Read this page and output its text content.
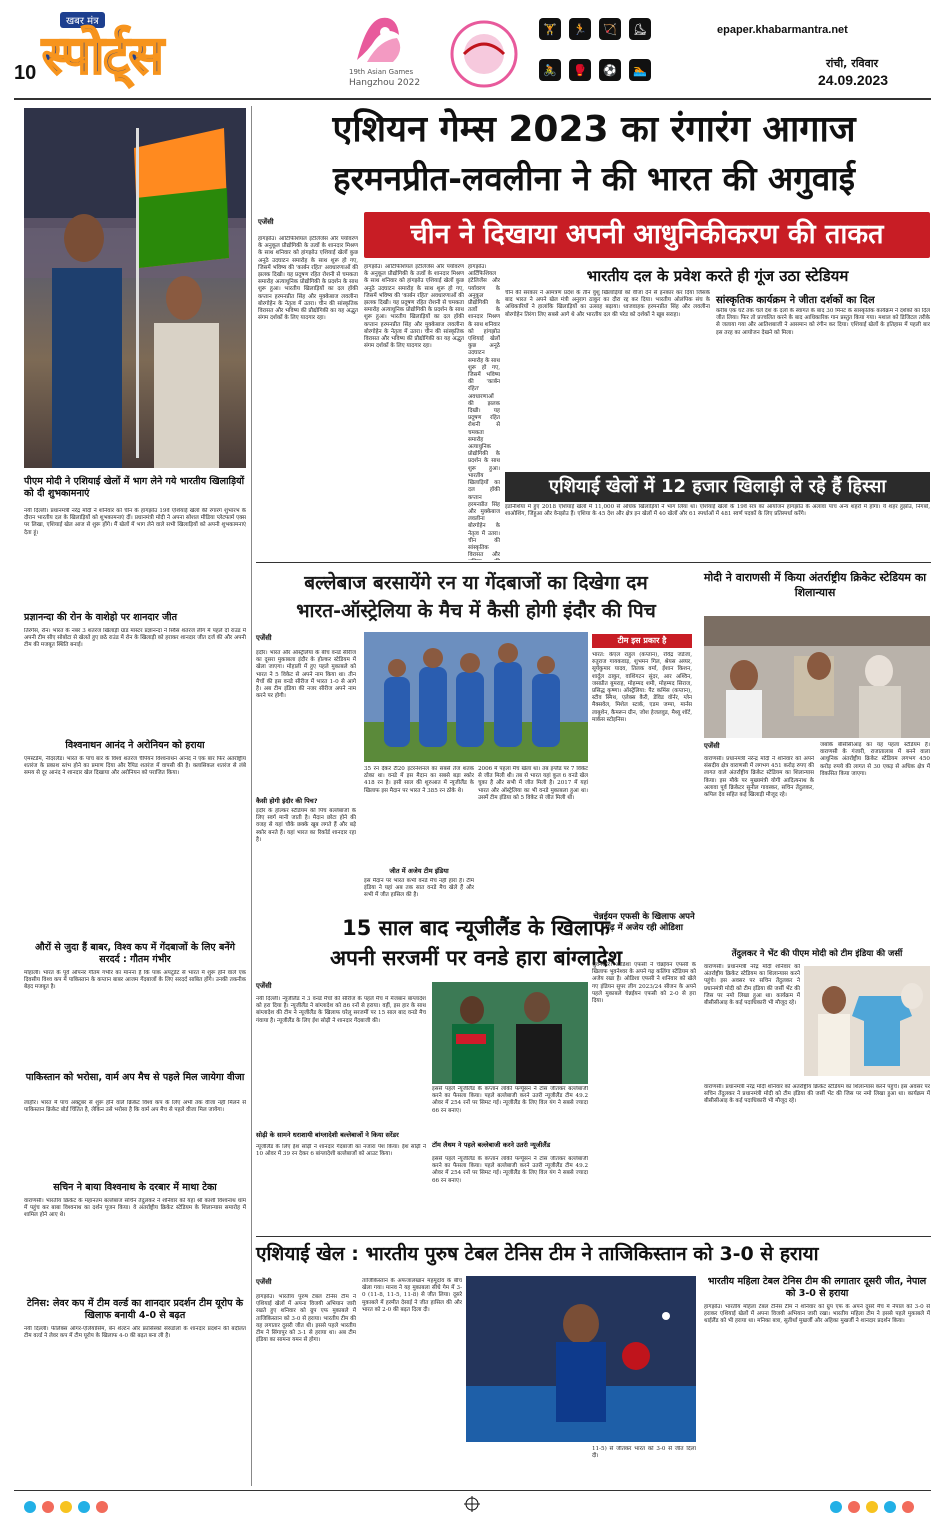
10
खबर मंत्र
स्पोर्ट्स	19th Asian Games
Hangzhou 2022
🏋	🏃	🏹	⛸
🚴	🥊	⚽	🏊
epaper.khabarmantra.net
रांची, रविवार
24.09.2023
पीएम मोदी ने एशियाई खेलों में भाग लेने गये भारतीय खिलाड़ियों को दी शुभकामनाएं
नयी दिल्ली। प्रधानमंत्री नरेंद्र मोदी ने शनिवार को चीन के हांगझोउ 19वें एशियाई खेलों की रंगारंग शुभारंभ के दौरान भारतीय दल के खिलाड़ियों को शुभकामनाएं दीं। प्रधानमंत्री मोदी ने अपना सोशल मीडिया प्लेटफार्म एक्स पर लिखा, एशियाई खेल आज से शुरू होंगे। मैं खेलों में भाग लेने वाले सभी खिलाड़ियों को अपनी शुभकामनाएं देता हूं।
प्रज्ञानन्दा की रोन के वाशेहो पर शानदार जीत
तिरंगेस, रोन। भारत के नंबर 3 शतरंज खिलाड़ी ग्रांड मास्टर प्रज्ञानन्दा ने स्विस शतरंज लीग में पहले दो राउंड में अपनी टीम सीए सोबोटा से खेलते हुए छठे राउंड में रोन के खिलाड़ी को हराकर शानदार जीत दर्ज की और अपनी टीम की मजबूत स्थिति बनाई।
विश्वनाथन आनंद ने अरोनियन को हराया
एमस्टर्डम, नीदरलैंड। भारत के पांच बार के विश्व शतरंज चैंपियन विश्वनाथन आनंद ने एक बार फिर अंतर्राष्ट्रीय शतरंज के प्रकाश स्तंभ होने का प्रमाण दिया और रैपिड शतरंज में वापसी की है। क्लासिकल शतरंज से लंबे समय से दूर आनंद ने शानदार खेल दिखाया और अरोनियन को पराजित किया।
औरों से जुदा हैं बाबर, विश्व कप में गेंदबाजों के लिए बनेंगे सरदर्द : गौतम गंभीर
मोहाली। भारत के पूर्व ओपनर गौतम गंभीर का मानना है कि पाक अपटूडेट से भारत में शुरू होने वाले एक दिवसीय विश्व कप में पाकिस्तान के कप्तान बाबर आजम गेंदबाजों के लिए सरदर्द साबित होंगे। उनकी तकनीक बेहद मजबूत है।
पाकिस्तान को भरोसा, वार्म अप मैच से पहले मिल जायेगा वीजा
लाहौर। भारत में पांच अक्टूबर से शुरू होने वाले क्रिकेट विश्व कप के लिए अभी तक वीजा नहीं मिलने से पाकिस्तान क्रिकेट बोर्ड चिंतित है, लेकिन उसे भरोसा है कि वार्म अप मैच से पहले वीजा मिल जायेगा।
सचिन ने बाया विश्वनाथ के दरबार में माथा टेका
वाराणसी। भारतीय क्रिकेट के महानतम बल्लेबाज सचिन तेंदुलकर ने शनिवार को यहां श्री काशी विश्वनाथ धाम में पहुंच कर बाबा विश्वनाथ का दर्शन पूजन किया। वे अंतर्राष्ट्रीय क्रिकेट स्टेडियम के शिलान्यास समारोह में शामिल होने आए थे।
टेनिस: लेवर कप में टीम वर्ल्ड का शानदार प्रदर्शन टीम यूरोप के खिलाफ बनायी 4-0 से बढ़त
नयी दिल्ली। फेलिक्स ऑगर-एलियासिम, बेन शेल्टन और फ्रांसिस्को सेरुंडोलो के शानदार प्रदर्शन की बदौलत टीम वर्ल्ड ने लेवर कप में टीम यूरोप के खिलाफ 4-0 की बढ़त बना ली है।
एशियन गेम्स 2023 का रंगारंग आगाज
हरमनप्रीत-लवलीना ने की भारत की अगुवाई
एजेंसी	चीन ने दिखाया अपनी आधुनिकीकरण की ताकत
हांगझोउ। आर्टिफिशियल इंटेलिजेंस और पर्यावरण के अनुकूल प्रौद्योगिकी के तत्वों के शानदार मिश्रण के साथ शनिवार को हांगझोउ एशियाई खेलों कुछ अनूठे उदघाटन समारोह के साथ शुरू हो गए, जिसमें भविष्य की 'कार्बन रहित' अवधारणाओं की झलक दिखी। यह प्रदूषण रहित रोशनी से चमकता समारोह अत्याधुनिक प्रोद्योगिकी के प्रदर्शन के साथ शुरू हुआ। भारतीय खिलाड़ियों का दल हॉकी कप्तान हरमनप्रीत सिंह और मुक्केबाज लवलीना बोरगोहेन के नेतृत्व में उतरा। चीन की सांस्कृतिक विरासत और भविष्य की प्रौद्योगिकी का यह अद्भुत संगम दर्शकों के लिए यादगार रहा।
हांगझोउ। आर्टिफिशियल इंटेलिजेंस और पर्यावरण के अनुकूल प्रौद्योगिकी के तत्वों के शानदार मिश्रण के साथ शनिवार को हांगझोउ एशियाई खेलों कुछ अनूठे उदघाटन समारोह के साथ शुरू हो गए, जिसमें भविष्य की 'कार्बन रहित' अवधारणाओं की झलक दिखी। यह प्रदूषण रहित रोशनी से चमकता समारोह अत्याधुनिक प्रोद्योगिकी के प्रदर्शन के साथ शुरू हुआ। भारतीय खिलाड़ियों का दल हॉकी कप्तान हरमनप्रीत सिंह और मुक्केबाज लवलीना बोरगोहेन के नेतृत्व में उतरा। चीन की सांस्कृतिक विरासत और भविष्य की प्रौद्योगिकी का यह अद्भुत संगम दर्शकों के लिए यादगार रहा।
हांगझोउ। आर्टिफिशियल इंटेलिजेंस और पर्यावरण के अनुकूल प्रौद्योगिकी के तत्वों के शानदार मिश्रण के साथ शनिवार को हांगझोउ एशियाई खेलों कुछ अनूठे उदघाटन समारोह के साथ शुरू हो गए, जिसमें भविष्य की 'कार्बन रहित' अवधारणाओं की झलक दिखी। यह प्रदूषण रहित रोशनी से चमकता समारोह अत्याधुनिक प्रोद्योगिकी के प्रदर्शन के साथ शुरू हुआ। भारतीय खिलाड़ियों का दल हॉकी कप्तान हरमनप्रीत सिंह और मुक्केबाज लवलीना बोरगोहेन के नेतृत्व में उतरा। चीन की सांस्कृतिक विरासत और
भारतीय दल के प्रवेश करते ही गूंज उठा स्टेडियम
चीन की सरकार ने आमंत्रण प्रदेश के तीन वुशु खिलाड़ियों को वीजा देने से इनकार कर दिया जिसके बाद भारत ने अपने खेल मंत्री अनुराग ठाकुर का दौरा रद्द कर दिया। भारतीय ओलंपिक संघ के अधिकारियों ने हालांकि खिलाड़ियों का उत्साह बढ़ाया। ध्वजवाहक हरमनप्रीत सिंह और लवलीना बोरगोहेन तिरंगा लिए सबसे आगे थे और भारतीय दल की परेड को दर्शकों ने खूब सराहा।
सांस्कृतिक कार्यक्रम ने जीता दर्शकों का दिल
करीब एक घंटे तक चले देश के दलों के स्वागत के बाद 30 मिनट के सांस्कृतिक कार्यक्रम ने दर्शकों का दिल जीत लिया। फिर तो प्रज्वलित करने के बाद आधिकारिक गान प्रस्तुत किया गया। मशाल को डिजिटल तरीके से जलाया गया और आतिशबाजी ने आसमान को रंगीन कर दिया। एशियाई खेलों के इतिहास में पहली बार इस तरह का आयोजन देखने को मिला।
एशियाई खेलों में 12 हजार खिलाड़ी ले रहे हैं हिस्सा
इंडोनेशिया में हुए 2018 एशियाई खेलों में 11,000 से अधिक खिलाड़ियों ने भाग लिया था। एशियाई खेलों के 19वें सत्र का आयोजन हांगझोउ के अलावा पांच अन्य शहरों में होगा। ये शहर हुझोउ, निंगबो, शाओशिंग, जिंहुआ और वेनझोउ हैं। एशिया के 45 देश और क्षेत्र इन खेलों में 40 खेलों और 61 स्पर्धाओं में 481 स्वर्ण पदकों के लिए प्रतिस्पर्धा करेंगे।
बल्लेबाज बरसायेंगे रन या गेंदबाजों का दिखेगा दम
भारत-ऑस्ट्रेलिया के मैच में कैसी होगी इंदौर की पिच
एजेंसी
इंदौर। भारत और ऑस्ट्रेलिया के बीच वनडे सीरीज का दूसरा मुकाबला इंदौर के होल्कर स्टेडियम में खेला जाएगा। मोहाली में हुए पहले मुकाबले को भारत ने 5 विकेट से अपने नाम किया था। तीन मैचों की इस वनडे सीरीज में भारत 1-0 से आगे है। अब टीम इंडिया की नजर सीरीज अपने नाम करने पर होगी।
कैसी होगी इंदौर की पिच?
इंदौर के होल्कर स्टेडियम की पिच बल्लेबाजों के लिए स्वर्ग मानी जाती है। मैदान छोटा होने की वजह से यहां चौके छक्के खूब लगते हैं और बड़े स्कोर बनते हैं। यहां भारत का रिकॉर्ड शानदार रहा है।
35 रन देकर टी20 इंटरनेशनल का सबसे तेज शतक ठोका था। वनडे में इस मैदान का सबसे बड़ा स्कोर 418 रन है। इसी साल की शुरुआत में न्यूजीलैंड के खिलाफ इस मैदान पर भारत ने 385 रन ठोके थे।
जीत में अजेय टीम इंडिया
इस मैदान पर भारत कभी वनडे मैच नहीं हारा है। टीम इंडिया ने यहां अब तक सात वनडे मैच खेले हैं और सभी में जीत हासिल की है।
2006 में पहला मैच खेला था। तब इंग्लैंड पर 7 विकेट से जीत मिली थी। तब से भारत यहां कुल 6 वनडे खेल चुका है और सभी में जीत मिली है। 2017 में यहां भारत और ऑस्ट्रेलिया का भी वनडे मुकाबला हुआ था। उसमें टीम इंडिया को 5 विकेट से जीत मिली थी।
टीम इस प्रकार है
भारत: केएल राहुल (कप्तान), रविंद्र जडेजा, रुतुराज गायकवाड़, शुभमन गिल, श्रेयस अय्यर, सूर्यकुमार यादव, तिलक वर्मा, ईशान किशन, शार्दुल ठाकुर, वाशिंगटन सुंदर, आर अश्विन, जसप्रीत बुमराह, मोहम्मद शमी, मोहम्मद सिराज, प्रसिद्ध कृष्णा। ऑस्ट्रेलिया: पैट कमिंस (कप्तान), स्टीव स्मिथ, एलेक्स कैरी, डेविड वॉर्नर, ग्लेन मैक्सवेल, मिशेल स्टार्क, एडम जम्पा, मार्नस लाबुशेन, कैमरून ग्रीन, जोश हेजलवुड, मैथ्यू शॉर्ट, मार्कस स्टोइनिस।
मोदी ने वाराणसी में किया अंतर्राष्ट्रीय क्रिकेट स्टेडियम का शिलान्यास
एजेंसी
वाराणसी। प्रधानमंत्री नरेन्द्र मोदी ने शनिवार को अपने संसदीय क्षेत्र वाराणसी में लगभग 451 करोड़ रुपए की लागत वाले अंतर्राष्ट्रीय क्रिकेट स्टेडियम का शिलान्यास किया। इस मौके पर मुख्यमंत्री योगी आदित्यनाथ के अलावा पूर्व क्रिकेटर सुनील गावस्कर, सचिन तेंदुलकर, कपिल देव सहित कई खिलाड़ी मौजूद रहे।
जबकि बीसीसीआइ का यह पहला स्टेडियम है। वाराणसी के गंजारी, राजातालाब में बनने वाला आधुनिक अंतर्राष्ट्रीय क्रिकेट स्टेडियम लगभग 450 करोड़ रुपये की लागत से 30 एकड़ से अधिक क्षेत्र में विकसित किया जाएगा।
तेंदुलकर ने भेंट की पीएम मोदी को टीम इंडिया की जर्सी
वाराणसी। प्रधानमंत्री नरेंद्र मोदी शनिवार को अंतर्राष्ट्रीय क्रिकेट स्टेडियम का शिलान्यास करने पहुंचे। इस अवसर पर सचिन तेंदुलकर ने प्रधानमंत्री मोदी को टीम इंडिया की जर्सी भेंट की जिस पर नमो लिखा हुआ था। कार्यक्रम में बीसीसीआइ के कई पदाधिकारी भी मौजूद रहे।
वाराणसी। प्रधानमंत्री नरेंद्र मोदी शनिवार को अंतर्राष्ट्रीय क्रिकेट स्टेडियम का शिलान्यास करने पहुंचे। इस अवसर पर सचिन तेंदुलकर ने प्रधानमंत्री मोदी को टीम इंडिया की जर्सी भेंट की जिस पर नमो लिखा हुआ था। कार्यक्रम में बीसीसीआइ के कई पदाधिकारी भी मौजूद रहे।
15 साल बाद न्यूजीलैंड के खिलाफ
अपनी सरजमीं पर वनडे हारा बांग्लादेश
एजेंसी
नयी दिल्ली। न्यूजीलैंड ने 3 वनडे मैचों की सीरीज के पहले मैच में मेजबान बांग्लादेश को हरा दिया है। न्यूजीलैंड ने बांग्लादेश को 86 रनों से हराया। वहीं, इस हार के साथ बांग्लादेश की टीम ने न्यूजीलैंड के खिलाफ घरेलू सरजमीं पर 15 साल बाद वनडे मैच गंवाया है। न्यूजीलैंड के लिए ईश सोढ़ी ने शानदार गेंदबाजी की।
सोढ़ी के सामने धराशायी बांग्लादेशी बल्लेबाजों ने किया सरेंडर
न्यूजीलैंड के लिए ईश सोढ़ी ने शानदार गेंदबाजी का नजारा पेश किया। ईश सोढ़ी ने 10 ओवर में 39 रन देकर 6 बांग्लादेशी बल्लेबाजों को आउट किया।
इससे पहले न्यूजीलैंड के कप्तान लॉकी फर्ग्यूसन ने टॉस जीतकर बल्लेबाजी करने का फैसला किया। पहले बल्लेबाजी करने उतरी न्यूजीलैंड टीम 49.2 ओवर में 254 रनों पर सिमट गई। न्यूजीलैंड के लिए विल यंग ने सबसे ज्यादा 66 रन बनाए।
टॉम लैथम ने पहले बल्लेबाजी करने उतरी न्यूजीलैंड
इससे पहले न्यूजीलैंड के कप्तान लॉकी फर्ग्यूसन ने टॉस जीतकर बल्लेबाजी करने का फैसला किया। पहले बल्लेबाजी करने उतरी न्यूजीलैंड टीम 49.2 ओवर में 254 रनों पर सिमट गई। न्यूजीलैंड के लिए विल यंग ने सबसे ज्यादा 66 रन बनाए।
चेन्नईयन एफसी के खिलाफ अपने गढ़ में अजेय रही ओडिशा
भुवनेश्वर। ओडिशा एफसी ने चेन्नईयन एफसी के खिलाफ भुवनेश्वर के अपने गढ़ कलिंगा स्टेडियम को अजेय रखा है। ओडिशा एफसी ने शनिवार को खेले गए इंडियन सुपर लीग 2023/24 सीजन के अपने पहले मुकाबले चेन्नईयन एफसी को 2-0 से हरा दिया।
एशियाई खेल : भारतीय पुरुष टेबल टेनिस टीम ने ताजिकिस्तान को 3-0 से हराया
एजेंसी
हांगझोउ। भारतीय पुरुष टेबल टेनिस टीम ने एशियाई खेलों में अपना विजयी अभियान जारी रखते हुए शनिवार को ग्रुप एफ मुकाबले में ताजिकिस्तान को 3-0 से हराया। भारतीय टीम की यह लगातार दूसरी जीत थी। इससे पहले भारतीय टीम ने सिंगापुर को 3-1 से हराया था। अब टीम इंडिया का सामना यमन से होगा।
ताजिकिस्तान के अफजालखान महमूदोव के बीच खेला गया। मानव ने यह मुकाबला सीधे गेम में 3-0 (11-8, 11-5, 11-8) से जीत लिया। दूसरे मुकाबले में हरमीत देसाई ने जीत हासिल की और भारत को 2-0 की बढ़त दिला दी।
11-5) से जीतकर भारत को 3-0 से जीत दिला दी।
भारतीय महिला टेबल टेनिस टीम की लगातार दूसरी जीत, नेपाल को 3-0 से हराया
हांगझोउ। भारतीय महिला टेबल टेनिस टीम ने शनिवार को ग्रुप एफ के अपने दूसरे मैच में नेपाल को 3-0 से हराकर एशियाई खेलों में अपना विजयी अभियान जारी रखा। भारतीय महिला टीम ने इससे पहले मुकाबले में थाईलैंड को भी हराया था। मनिका बत्रा, सुतीर्था मुखर्जी और अहिका मुखर्जी ने शानदार प्रदर्शन किया।
